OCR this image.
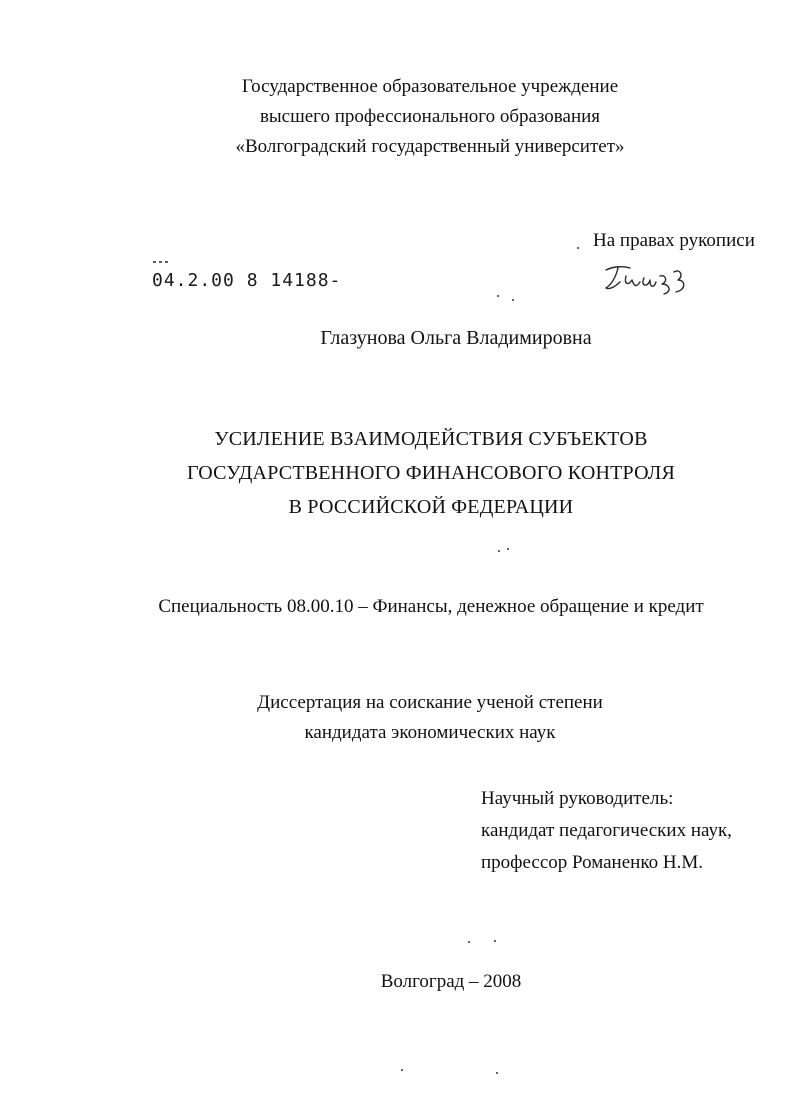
Государственное образовательное учреждение
высшего профессионального образования
«Волгоградский государственный университет»
На правах рукописи
04.2.00 8 14188-
Глазунова Ольга Владимировна
УСИЛЕНИЕ ВЗАИМОДЕЙСТВИЯ СУБЪЕКТОВ
ГОСУДАРСТВЕННОГО ФИНАНСОВОГО КОНТРОЛЯ
В РОССИЙСКОЙ ФЕДЕРАЦИИ
Специальность 08.00.10 – Финансы, денежное обращение и кредит
Диссертация на соискание ученой степени
кандидата экономических наук
Научный руководитель:
кандидат педагогических наук,
профессор Романенко Н.М.
Волгоград – 2008
